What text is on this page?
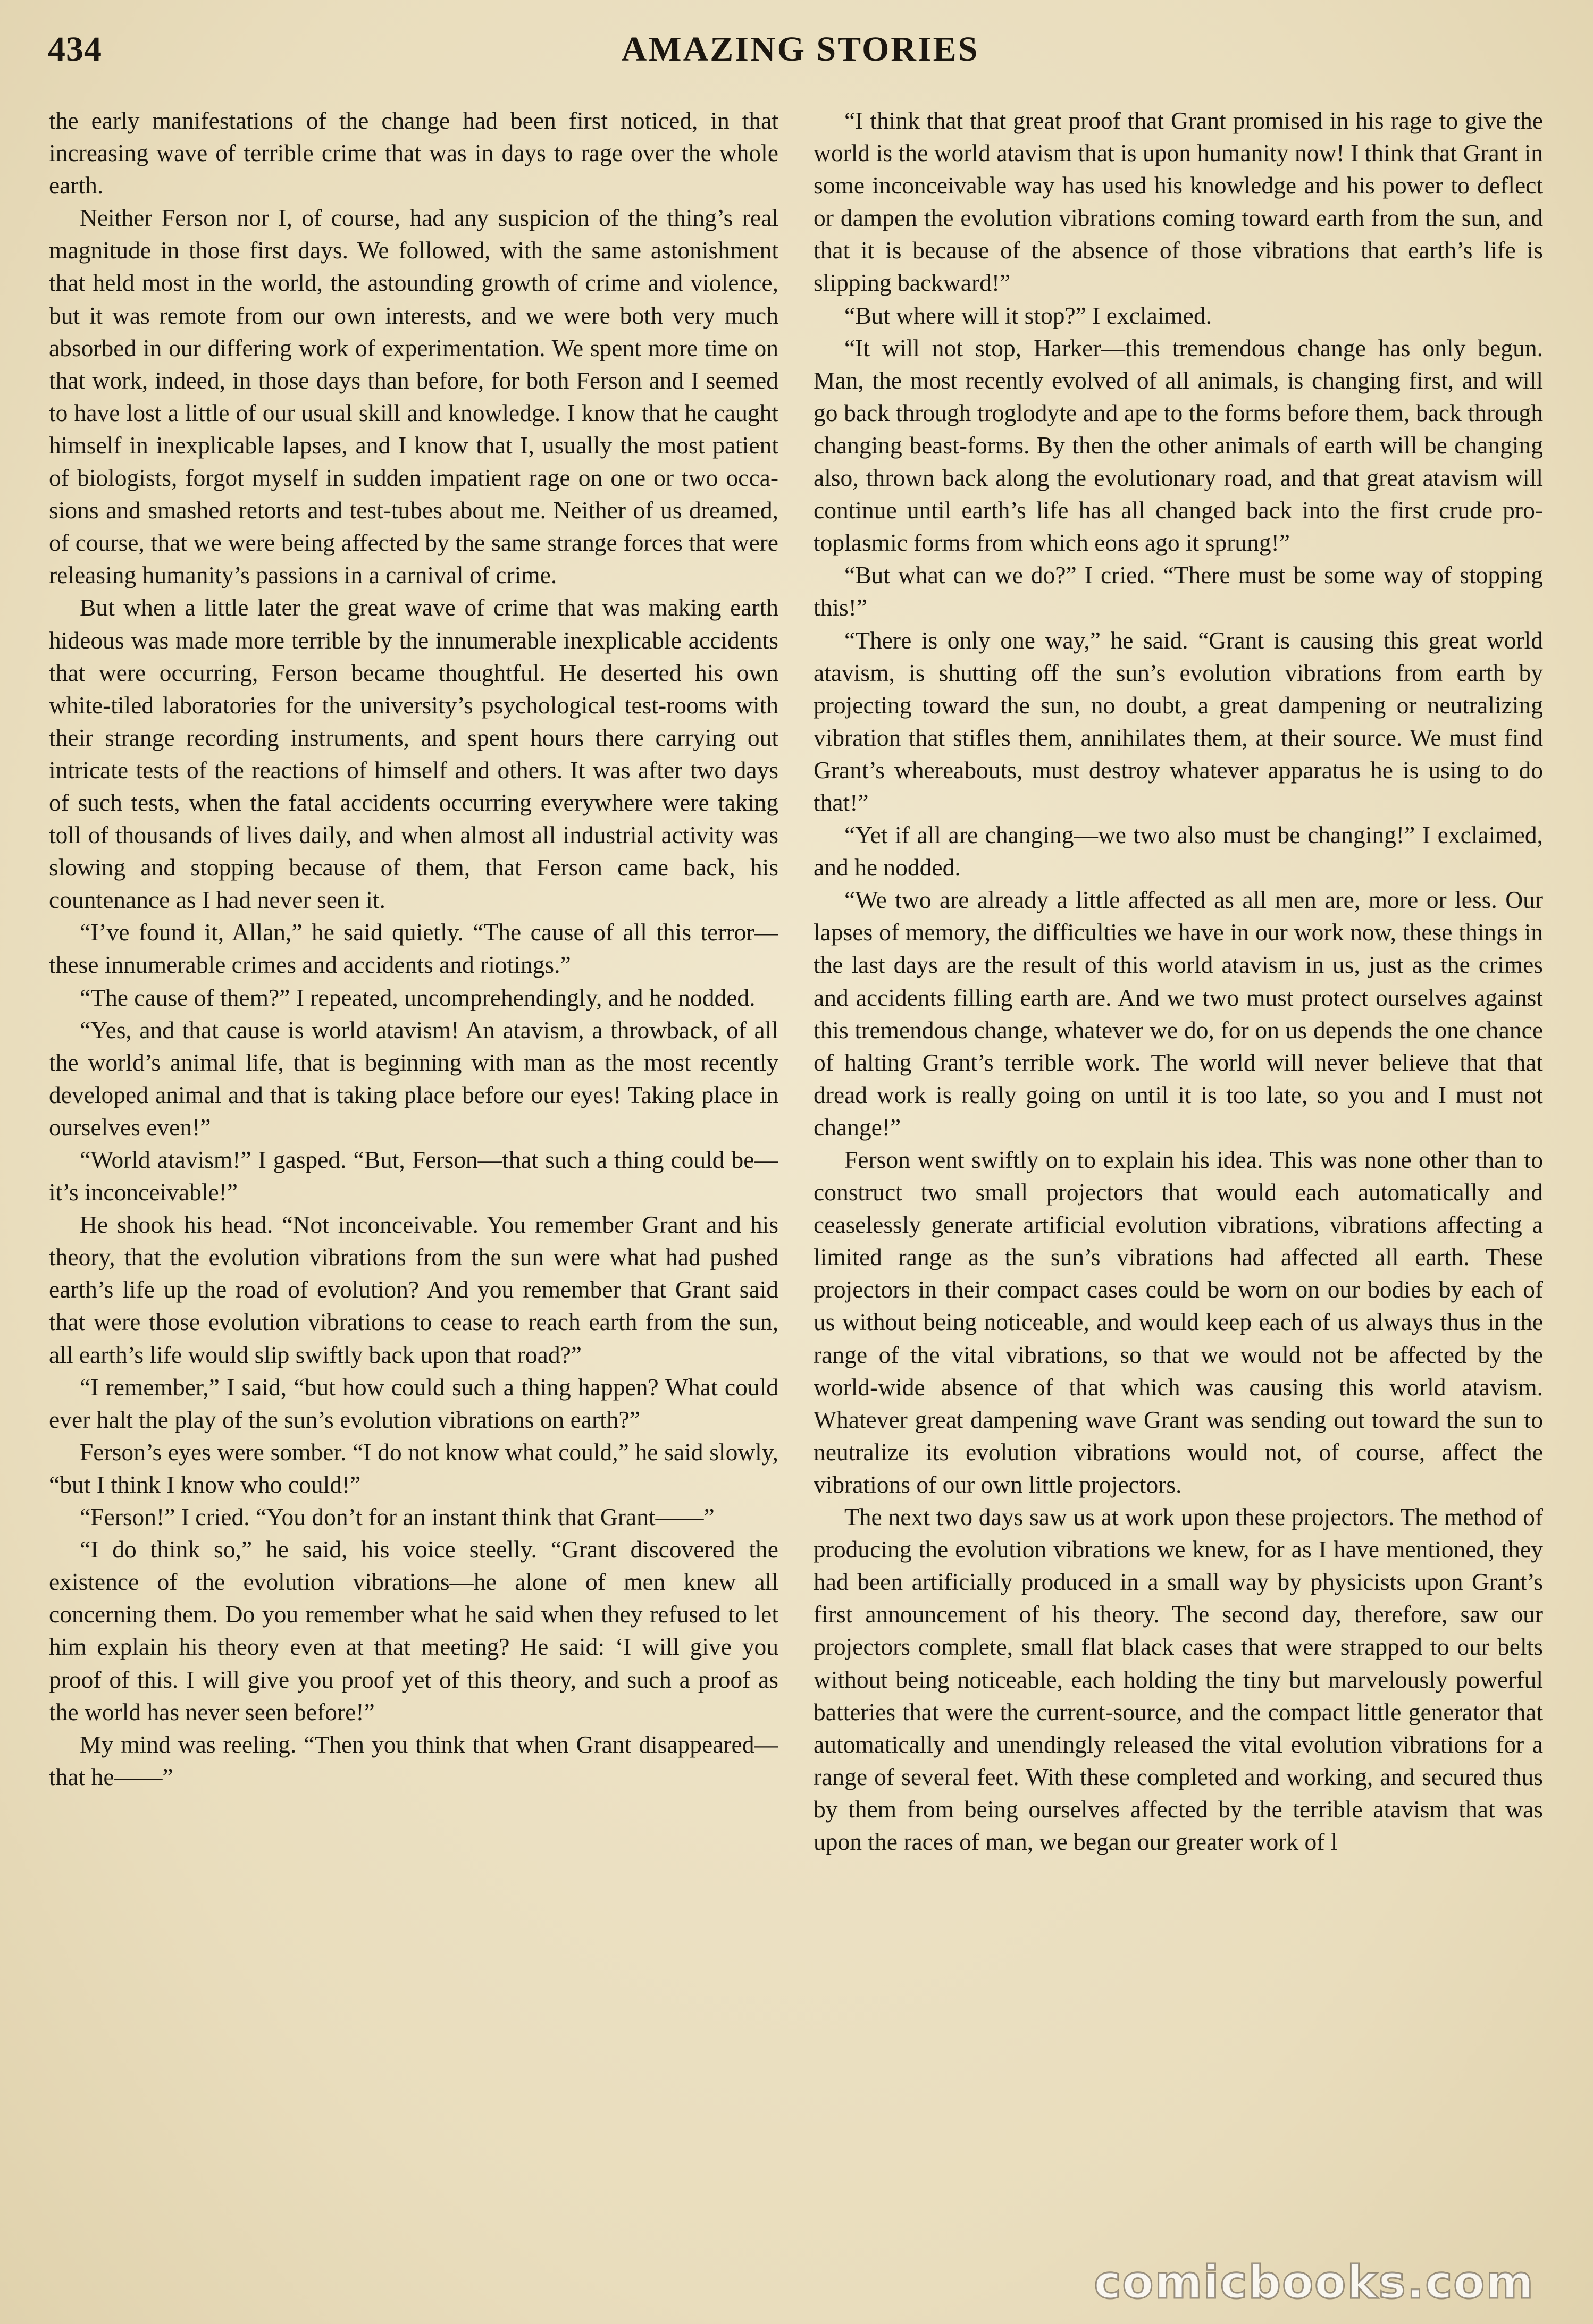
434	AMAZING STORIES

the early manifestations of the change had been first noticed, in that increasing wave of terrible crime that was in days to rage over the whole earth.

Neither Ferson nor I, of course, had any suspicion of the thing’s real magnitude in those first days. We followed, with the same astonishment that held most in the world, the astounding growth of crime and violence, but it was remote from our own interests, and we were both very much absorbed in our differing work of experimentation. We spent more time on that work, indeed, in those days than before, for both Ferson and I seemed to have lost a little of our usual skill and knowledge. I know that he caught himself in inexplicable lapses, and I know that I, usually the most patient of biologists, forgot myself in sudden impatient rage on one or two occasions and smashed retorts and test-tubes about me. Neither of us dreamed, of course, that we were being affected by the same strange forces that were releasing humanity’s passions in a carnival of crime.

But when a little later the great wave of crime that was making earth hideous was made more terrible by the innumerable inexplicable accidents that were occurring, Ferson became thoughtful. He deserted his own white-tiled laboratories for the university’s psychological test-rooms with their strange recording instruments, and spent hours there carrying out intricate tests of the reactions of himself and others. It was after two days of such tests, when the fatal accidents occurring everywhere were taking toll of thousands of lives daily, and when almost all industrial activity was slowing and stopping because of them, that Ferson came back, his countenance as I had never seen it.

“I’ve found it, Allan,” he said quietly. “The cause of all this terror—these innumerable crimes and accidents and riotings.”

“The cause of them?” I repeated, uncomprehendingly, and he nodded.

“Yes, and that cause is world atavism! An atavism, a throwback, of all the world’s animal life, that is beginning with man as the most recently developed animal and that is taking place before our eyes! Taking place in ourselves even!”

“World atavism!” I gasped. “But, Ferson—that such a thing could be—it’s inconceivable!”

He shook his head. “Not inconceivable. You remember Grant and his theory, that the evolution vibrations from the sun were what had pushed earth’s life up the road of evolution? And you remember that Grant said that were those evolution vibrations to cease to reach earth from the sun, all earth’s life would slip swiftly back upon that road?”

“I remember,” I said, “but how could such a thing happen? What could ever halt the play of the sun’s evolution vibrations on earth?”

Ferson’s eyes were somber. “I do not know what could,” he said slowly, “but I think I know who could!”

“Ferson!” I cried. “You don’t for an instant think that Grant——”

“I do think so,” he said, his voice steelly. “Grant discovered the existence of the evolution vibrations—he alone of men knew all concerning them. Do you remember what he said when they refused to let him explain his theory even at that meeting? He said: ‘I will give you proof of this. I will give you proof yet of this theory, and such a proof as the world has never seen before!”

My mind was reeling. “Then you think that when Grant disappeared—that he——”

“I think that that great proof that Grant promised in his rage to give the world is the world atavism that is upon humanity now! I think that Grant in some inconceivable way has used his knowledge and his power to deflect or dampen the evolution vibrations coming toward earth from the sun, and that it is because of the absence of those vibrations that earth’s life is slipping backward!”

“But where will it stop?” I exclaimed.

“It will not stop, Harker—this tremendous change has only begun. Man, the most recently evolved of all animals, is changing first, and will go back through troglodyte and ape to the forms before them, back through changing beast-forms. By then the other animals of earth will be changing also, thrown back along the evolutionary road, and that great atavism will continue until earth’s life has all changed back into the first crude protoplasmic forms from which eons ago it sprung!”

“But what can we do?” I cried. “There must be some way of stopping this!”

“There is only one way,” he said. “Grant is causing this great world atavism, is shutting off the sun’s evolution vibrations from earth by projecting toward the sun, no doubt, a great dampening or neutralizing vibration that stifles them, annihilates them, at their source. We must find Grant’s whereabouts, must destroy whatever apparatus he is using to do that!”

“Yet if all are changing—we two also must be changing!” I exclaimed, and he nodded.

“We two are already a little affected as all men are, more or less. Our lapses of memory, the difficulties we have in our work now, these things in the last days are the result of this world atavism in us, just as the crimes and accidents filling earth are. And we two must protect ourselves against this tremendous change, whatever we do, for on us depends the one chance of halting Grant’s terrible work. The world will never believe that that dread work is really going on until it is too late, so you and I must not change!”

Ferson went swiftly on to explain his idea. This was none other than to construct two small projectors that would each automatically and ceaselessly generate artificial evolution vibrations, vibrations affecting a limited range as the sun’s vibrations had affected all earth. These projectors in their compact cases could be worn on our bodies by each of us without being noticeable, and would keep each of us always thus in the range of the vital vibrations, so that we would not be affected by the world-wide absence of that which was causing this world atavism. Whatever great dampening wave Grant was sending out toward the sun to neutralize its evolution vibrations would not, of course, affect the vibrations of our own little projectors.

The next two days saw us at work upon these projectors. The method of producing the evolution vibrations we knew, for as I have mentioned, they had been artificially produced in a small way by physicists upon Grant’s first announcement of his theory. The second day, therefore, saw our projectors complete, small flat black cases that were strapped to our belts without being noticeable, each holding the tiny but marvelously powerful batteries that were the current-source, and the compact little generator that automatically and unendingly released the vital evolution vibrations for a range of several feet. With these completed and working, and secured thus by them from being ourselves affected by the terrible atavism that was upon the races of man, we began our greater work of l

comicbooks.com
